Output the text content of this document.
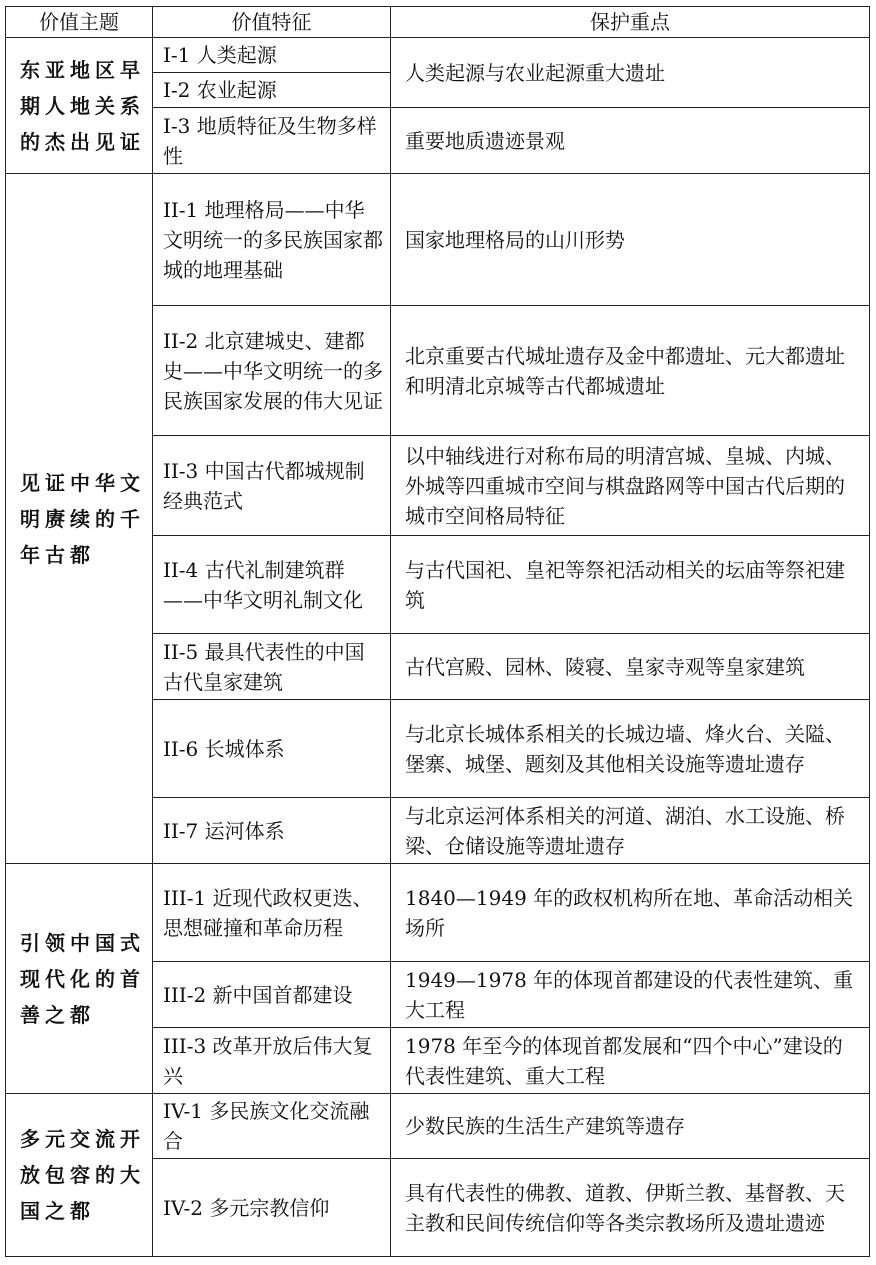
价值主题	价值特征	保护重点
东亚地区早期人地关系的杰出见证	I-1 人类起源	人类起源与农业起源重大遗址
	I-2 农业起源	
	I-3 地质特征及生物多样性	重要地质遗迹景观
见证中华文明赓续的千年古都	II-1 地理格局——中华文明统一的多民族国家都城的地理基础	国家地理格局的山川形势
	II-2 北京建城史、建都史——中华文明统一的多民族国家发展的伟大见证	北京重要古代城址遗存及金中都遗址、元大都遗址和明清北京城等古代都城遗址
	II-3 中国古代都城规制经典范式	以中轴线进行对称布局的明清宫城、皇城、内城、外城等四重城市空间与棋盘路网等中国古代后期的城市空间格局特征
	II-4 古代礼制建筑群——中华文明礼制文化	与古代国祀、皇祀等祭祀活动相关的坛庙等祭祀建筑
	II-5 最具代表性的中国古代皇家建筑	古代宫殿、园林、陵寝、皇家寺观等皇家建筑
	II-6 长城体系	与北京长城体系相关的长城边墙、烽火台、关隘、堡寨、城堡、题刻及其他相关设施等遗址遗存
	II-7 运河体系	与北京运河体系相关的河道、湖泊、水工设施、桥梁、仓储设施等遗址遗存
引领中国式现代化的首善之都	III-1 近现代政权更迭、思想碰撞和革命历程	1840—1949 年的政权机构所在地、革命活动相关场所
	III-2 新中国首都建设	1949—1978 年的体现首都建设的代表性建筑、重大工程
	III-3 改革开放后伟大复兴	1978 年至今的体现首都发展和“四个中心”建设的代表性建筑、重大工程
多元交流开放包容的大国之都	IV-1 多民族文化交流融合	少数民族的生活生产建筑等遗存
	IV-2 多元宗教信仰	具有代表性的佛教、道教、伊斯兰教、基督教、天主教和民间传统信仰等各类宗教场所及遗址遗迹
